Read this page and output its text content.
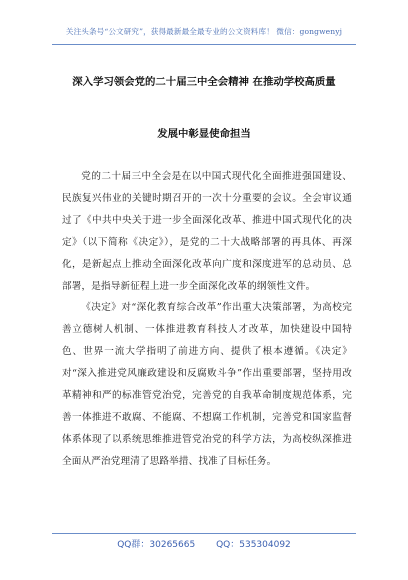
关注头条号“公文研究”，获得最新最全最专业的公文资料库！ 微信：gongwenyj
深入学习领会党的二十届三中全会精神 在推动学校高质量
发展中彰显使命担当

党的二十届三中全会是在以中国式现代化全面推进强国建设、民族复兴伟业的关键时期召开的一次十分重要的会议。全会审议通过了《中共中央关于进一步全面深化改革、推进中国式现代化的决定》（以下简称《决定》），是党的二十大战略部署的再具体、再深化，是新起点上推动全面深化改革向广度和深度进军的总动员、总部署，是指导新征程上进一步全面深化改革的纲领性文件。

《决定》对“深化教育综合改革”作出重大决策部署，为高校完善立德树人机制、一体推进教育科技人才改革，加快建设中国特色、世界一流大学指明了前进方向、提供了根本遵循。《决定》对“深入推进党风廉政建设和反腐败斗争”作出重要部署，坚持用改革精神和严的标准管党治党，完善党的自我革命制度规范体系，完善一体推进不敢腐、不能腐、不想腐工作机制，完善党和国家监督体系体现了以系统思维推进管党治党的科学方法，为高校纵深推进全面从严治党理清了思路举措、找准了目标任务。

QQ群：30265665 QQ：535304092
